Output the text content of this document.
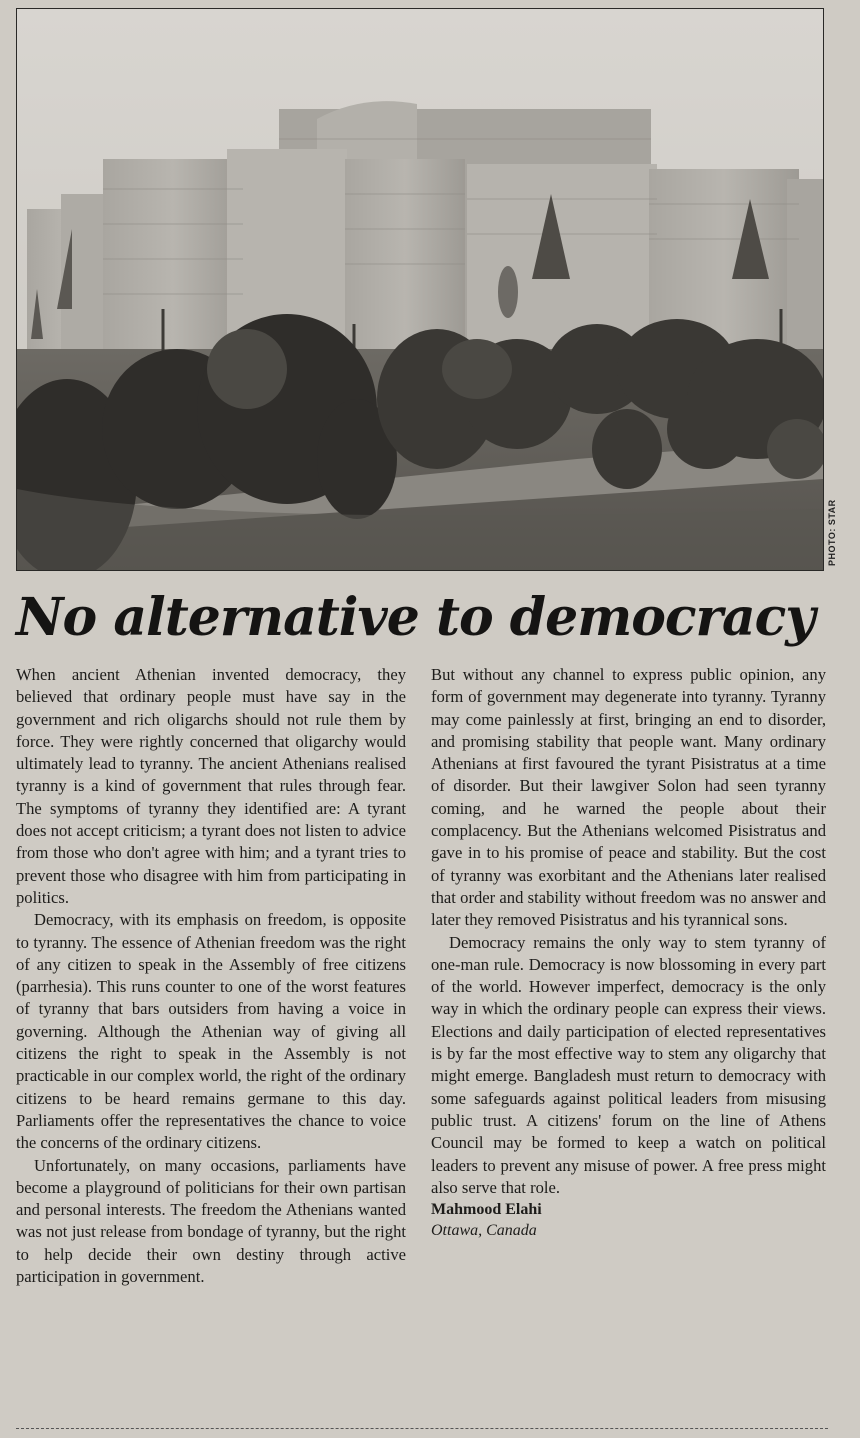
PHOTO: STAR
No alternative to democracy

When ancient Athenian invented democracy, they believed that ordinary people must have say in the government and rich oligarchs should not rule them by force. They were rightly concerned that oligarchy would ultimately lead to tyranny. The ancient Athenians realised tyranny is a kind of government that rules through fear. The symptoms of tyranny they identified are: A tyrant does not accept criticism; a tyrant does not listen to advice from those who don't agree with him; and a tyrant tries to prevent those who disagree with him from participating in politics.

Democracy, with its emphasis on freedom, is opposite to tyranny. The essence of Athenian freedom was the right of any citizen to speak in the Assembly of free citizens (parrhesia). This runs counter to one of the worst features of tyranny that bars outsiders from having a voice in governing. Although the Athenian way of giving all citizens the right to speak in the Assembly is not practicable in our complex world, the right of the ordinary citizens to be heard remains germane to this day. Parliaments offer the representatives the chance to voice the concerns of the ordinary citizens.

Unfortunately, on many occasions, parliaments have become a playground of politicians for their own partisan and personal interests. The freedom the Athenians wanted was not just release from bondage of tyranny, but the right to help decide their own destiny through active participation in government.

But without any channel to express public opinion, any form of government may degenerate into tyranny. Tyranny may come painlessly at first, bringing an end to disorder, and promising stability that people want. Many ordinary Athenians at first favoured the tyrant Pisistratus at a time of disorder. But their lawgiver Solon had seen tyranny coming, and he warned the people about their complacency. But the Athenians welcomed Pisistratus and gave in to his promise of peace and stability. But the cost of tyranny was exorbitant and the Athenians later realised that order and stability without freedom was no answer and later they removed Pisistratus and his tyrannical sons.

Democracy remains the only way to stem tyranny of one-man rule. Democracy is now blossoming in every part of the world. However imperfect, democracy is the only way in which the ordinary people can express their views. Elections and daily participation of elected representatives is by far the most effective way to stem any oligarchy that might emerge. Bangladesh must return to democracy with some safeguards against political leaders from misusing public trust. A citizens' forum on the line of Athens Council may be formed to keep a watch on political leaders to prevent any misuse of power. A free press might also serve that role.

Mahmood Elahi
Ottawa, Canada
